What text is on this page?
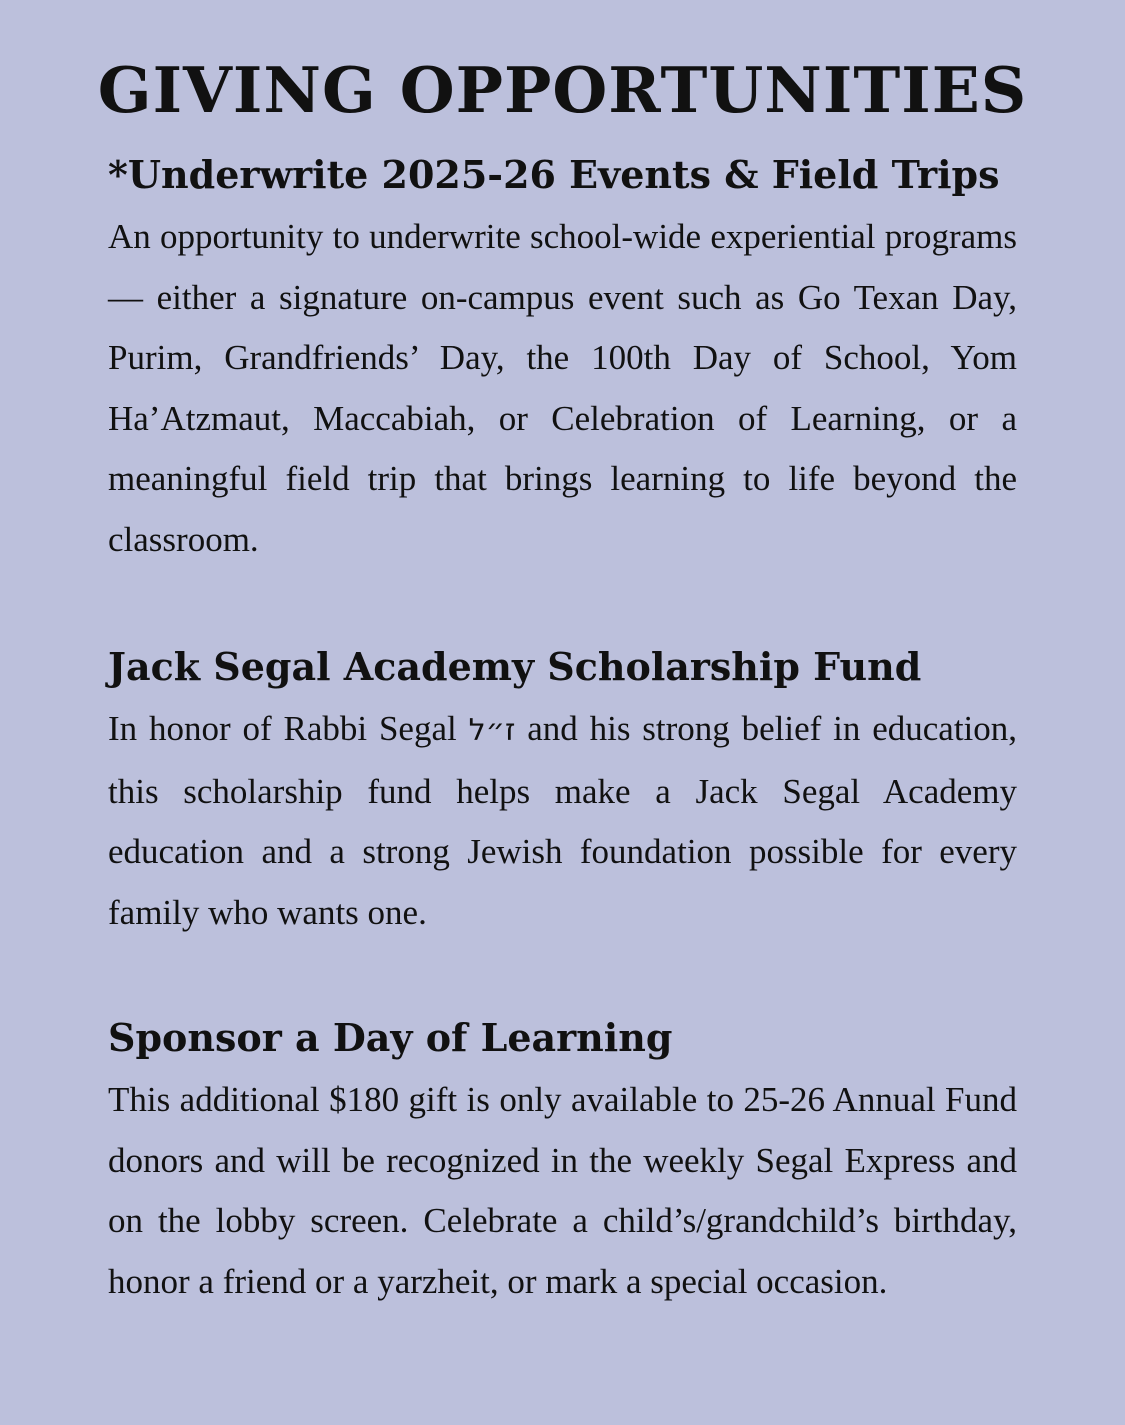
GIVING OPPORTUNITIES
*Underwrite 2025-26 Events & Field Trips

An opportunity to underwrite school-wide experiential programs — either a signature on-campus event such as Go Texan Day, Purim, Grandfriends’ Day, the 100th Day of School, Yom Ha’Atzmaut, Maccabiah, or Celebration of Learning, or a meaningful field trip that brings learning to life beyond the classroom.

Jack Segal Academy Scholarship Fund

In honor of Rabbi Segal ז״ל and his strong belief in education, this scholarship fund helps make a Jack Segal Academy education and a strong Jewish foundation possible for every family who wants one.

Sponsor a Day of Learning

This additional $180 gift is only available to 25-26 Annual Fund donors and will be recognized in the weekly Segal Express and on the lobby screen. Celebrate a child’s/grandchild’s birthday, honor a friend or a yarzheit, or mark a special occasion.
